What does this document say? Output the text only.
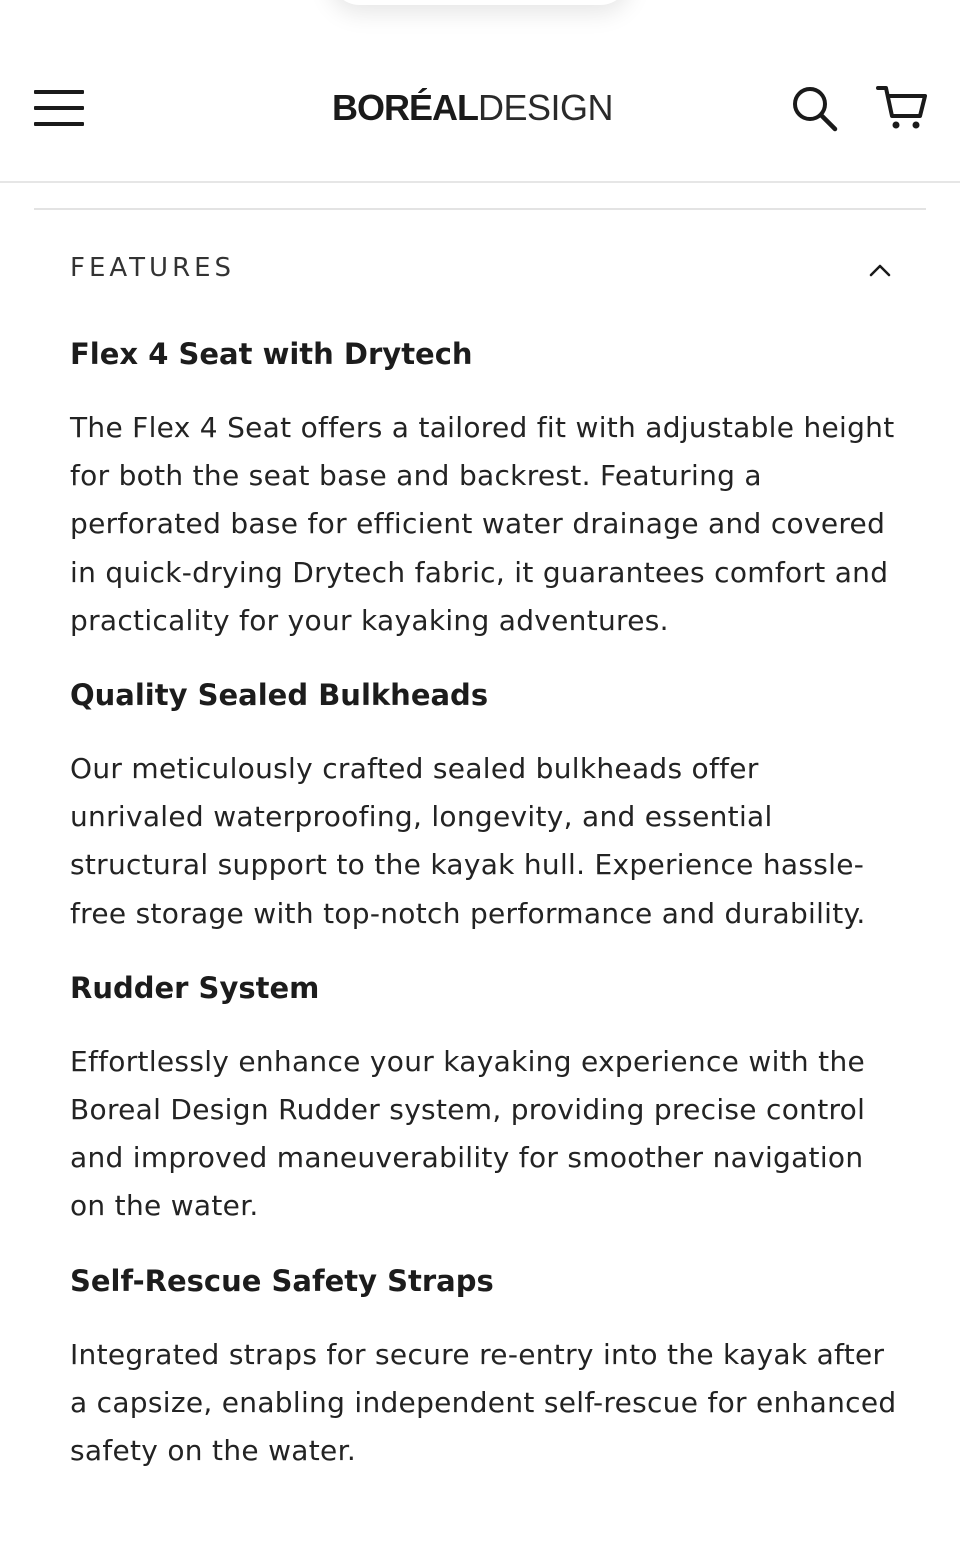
BORÉALDESIGN
FEATURES
Flex 4 Seat with Drytech

The Flex 4 Seat offers a tailored fit with adjustable height for both the seat base and backrest. Featuring a perforated base for efficient water drainage and covered in quick-drying Drytech fabric, it guarantees comfort and practicality for your kayaking adventures.

Quality Sealed Bulkheads

Our meticulously crafted sealed bulkheads offer unrivaled waterproofing, longevity, and essential structural support to the kayak hull. Experience hassle-free storage with top-notch performance and durability.

Rudder System

Effortlessly enhance your kayaking experience with the Boreal Design Rudder system, providing precise control and improved maneuverability for smoother navigation on the water.

Self-Rescue Safety Straps

Integrated straps for secure re-entry into the kayak after a capsize, enabling independent self-rescue for enhanced safety on the water.
